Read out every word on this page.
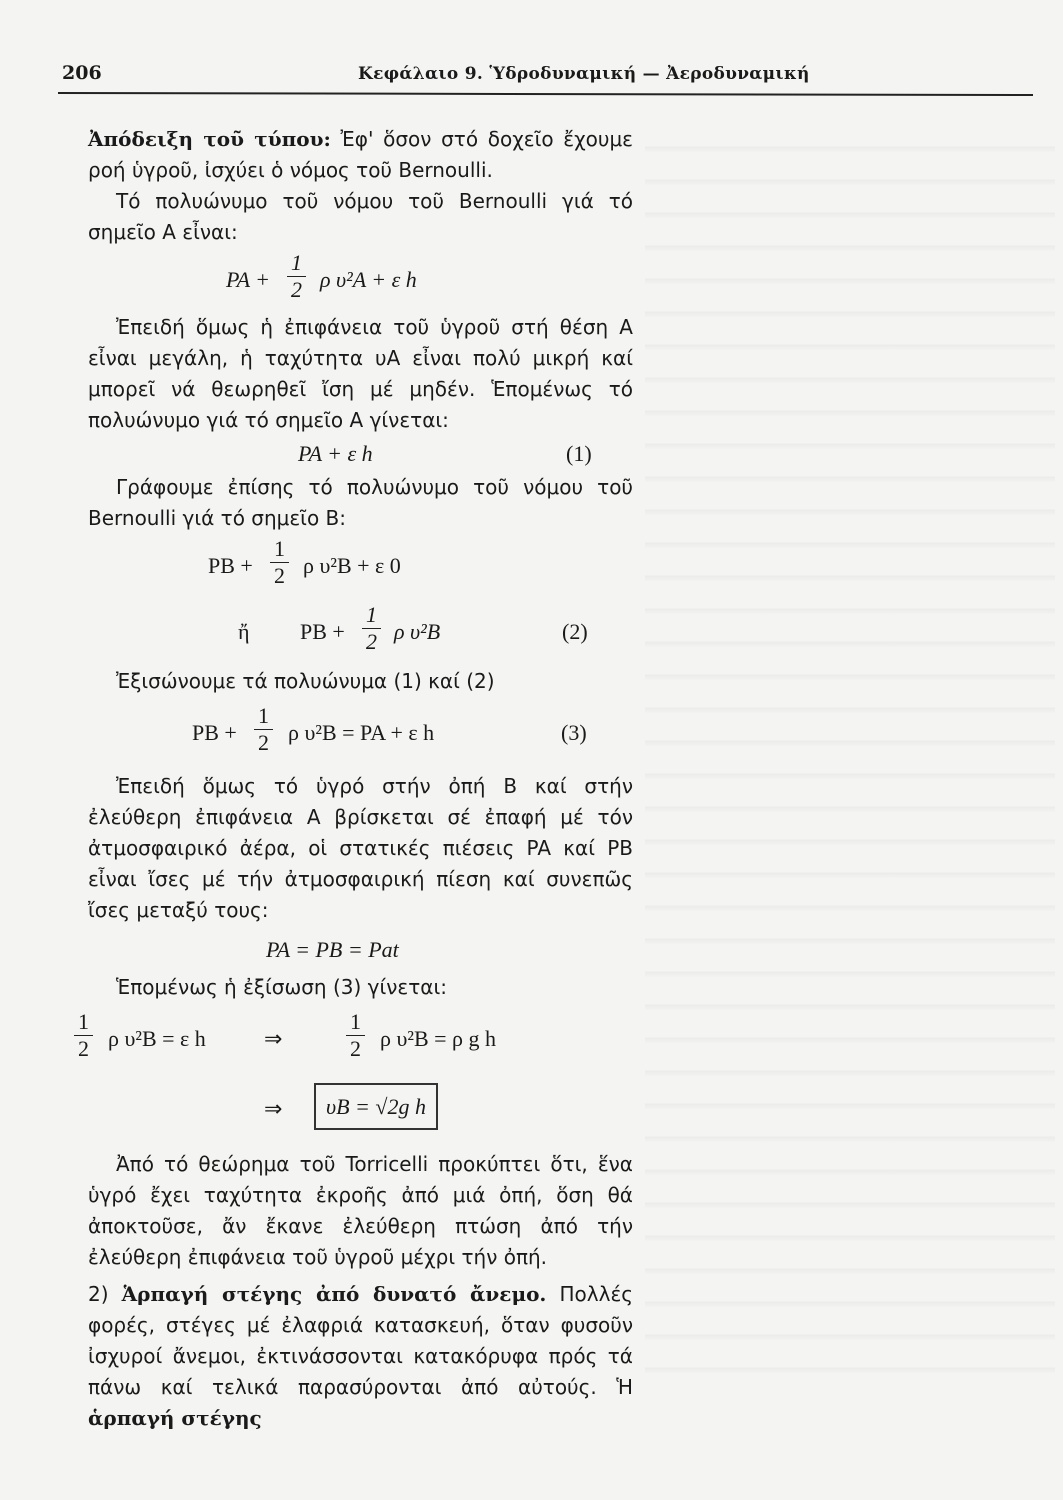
206	Κεφάλαιο 9. Ὑδροδυναμική — Ἀεροδυναμική

Ἀπόδειξη τοῦ τύπου: Ἐφ' ὅσον στό δοχεῖο ἔχουμε ροή ὑγροῦ, ἰσχύει ὁ νόμος τοῦ Bernoulli.

Τό πολυώνυμο τοῦ νόμου τοῦ Bernoulli γιά τό σημεῖο A εἶναι:

PA + $\frac{1}{2}$ ρ υ²A + ε h

Ἐπειδή ὅμως ἡ ἐπιφάνεια τοῦ ὑγροῦ στή θέση A εἶναι μεγάλη, ἡ ταχύτητα υA εἶναι πολύ μικρή καί μπορεῖ νά θεωρηθεῖ ἴση μέ μηδέν. Ἑπομένως τό πολυώνυμο γιά τό σημεῖο A γίνεται:

PA + ε h	(1)

Γράφουμε ἐπίσης τό πολυώνυμο τοῦ νόμου τοῦ Bernoulli γιά τό σημεῖο B:

PB + $\frac{1}{2}$ ρ υ²B + ε 0
ἤ PB + $\frac{1}{2}$ ρ υ²B	(2)

Ἐξισώνουμε τά πολυώνυμα (1) καί (2)

PB + $\frac{1}{2}$ ρ υ²B = PA + ε h	(3)

Ἐπειδή ὅμως τό ὑγρό στήν ὀπή B καί στήν ἐλεύθερη ἐπιφάνεια A βρίσκεται σέ ἐπαφή μέ τόν ἀτμοσφαιρικό ἀέρα, οἱ στατικές πιέσεις PA καί PB εἶναι ἴσες μέ τήν ἀτμοσφαιρική πίεση καί συνεπῶς ἴσες μεταξύ τους:

PA = PB = Pat

Ἑπομένως ἡ ἐξίσωση (3) γίνεται:

$\frac{1}{2}$ ρ υ²B = ε h	⇒	$\frac{1}{2}$ ρ υ²B = ρ g h
⇒	υB = √2g h

Ἀπό τό θεώρημα τοῦ Torricelli προκύπτει ὅτι, ἕνα ὑγρό ἔχει ταχύτητα ἐκροῆς ἀπό μιά ὀπή, ὅση θά ἀποκτοῦσε, ἄν ἔκανε ἐλεύθερη πτώση ἀπό τήν ἐλεύθερη ἐπιφάνεια τοῦ ὑγροῦ μέχρι τήν ὀπή.

2) Ἁρπαγή στέγης ἀπό δυνατό ἄνεμο. Πολλές φορές, στέγες μέ ἐλαφριά κατασκευή, ὅταν φυσοῦν ἰσχυροί ἄνεμοι, ἐκτινάσσονται κατακόρυφα πρός τά πάνω καί τελικά παρασύρονται ἀπό αὐτούς. Ἡ ἁρπαγή στέγης
